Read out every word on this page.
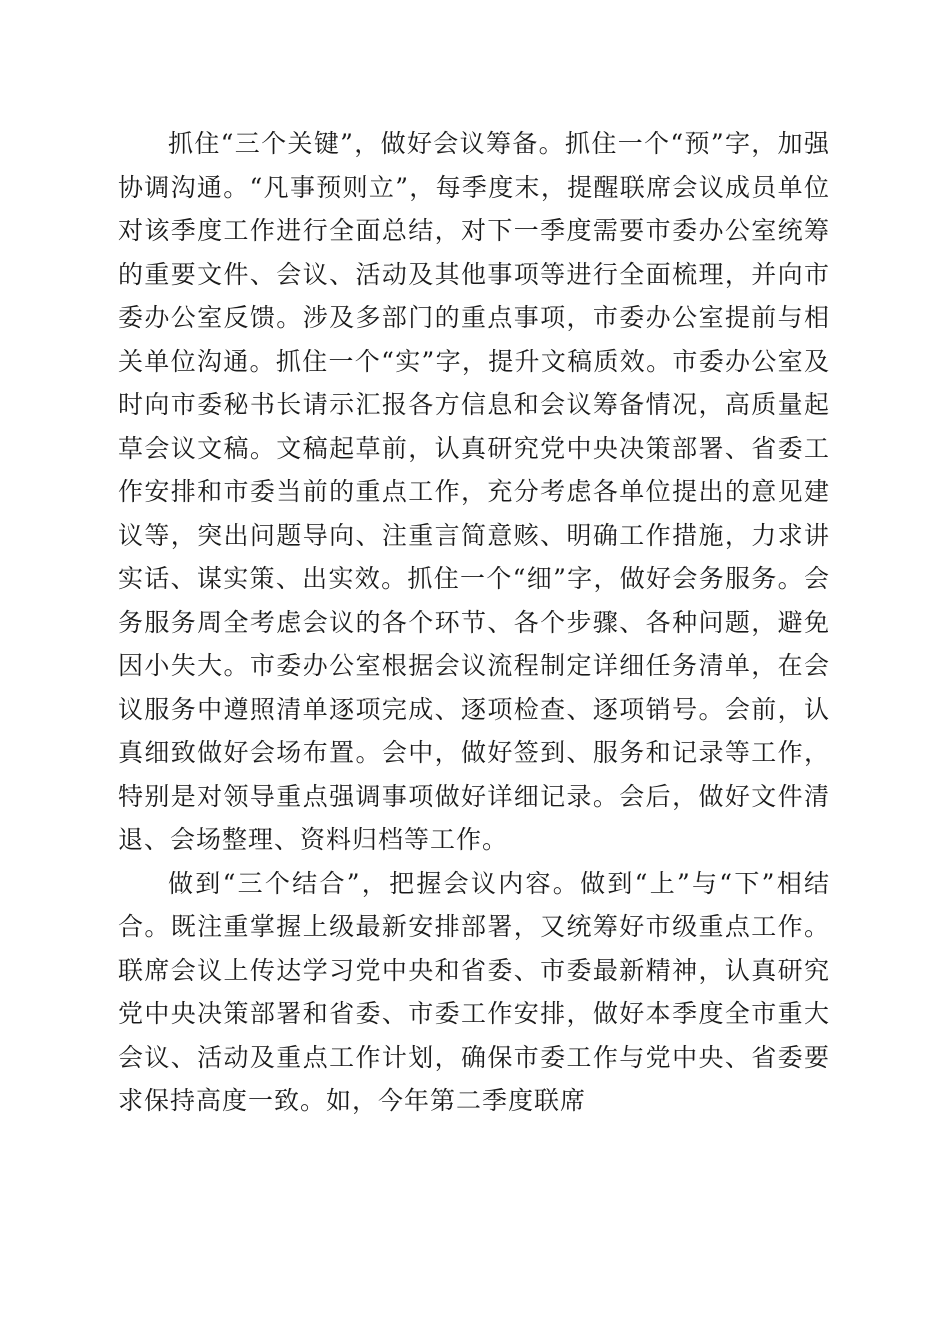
抓住“三个关键”，做好会议筹备。抓住一个“预”字，加强协调沟通。“凡事预则立”，每季度末，提醒联席会议成员单位对该季度工作进行全面总结，对下一季度需要市委办公室统筹的重要文件、会议、活动及其他事项等进行全面梳理，并向市委办公室反馈。涉及多部门的重点事项，市委办公室提前与相关单位沟通。抓住一个“实”字，提升文稿质效。市委办公室及时向市委秘书长请示汇报各方信息和会议筹备情况，高质量起草会议文稿。文稿起草前，认真研究党中央决策部署、省委工作安排和市委当前的重点工作，充分考虑各单位提出的意见建议等，突出问题导向、注重言简意赅、明确工作措施，力求讲实话、谋实策、出实效。抓住一个“细”字，做好会务服务。会务服务周全考虑会议的各个环节、各个步骤、各种问题，避免因小失大。市委办公室根据会议流程制定详细任务清单，在会议服务中遵照清单逐项完成、逐项检查、逐项销号。会前，认真细致做好会场布置。会中，做好签到、服务和记录等工作，特别是对领导重点强调事项做好详细记录。会后，做好文件清退、会场整理、资料归档等工作。

做到“三个结合”，把握会议内容。做到“上”与“下”相结合。既注重掌握上级最新安排部署，又统筹好市级重点工作。联席会议上传达学习党中央和省委、市委最新精神，认真研究党中央决策部署和省委、市委工作安排，做好本季度全市重大会议、活动及重点工作计划，确保市委工作与党中央、省委要求保持高度一致。如，今年第二季度联席
